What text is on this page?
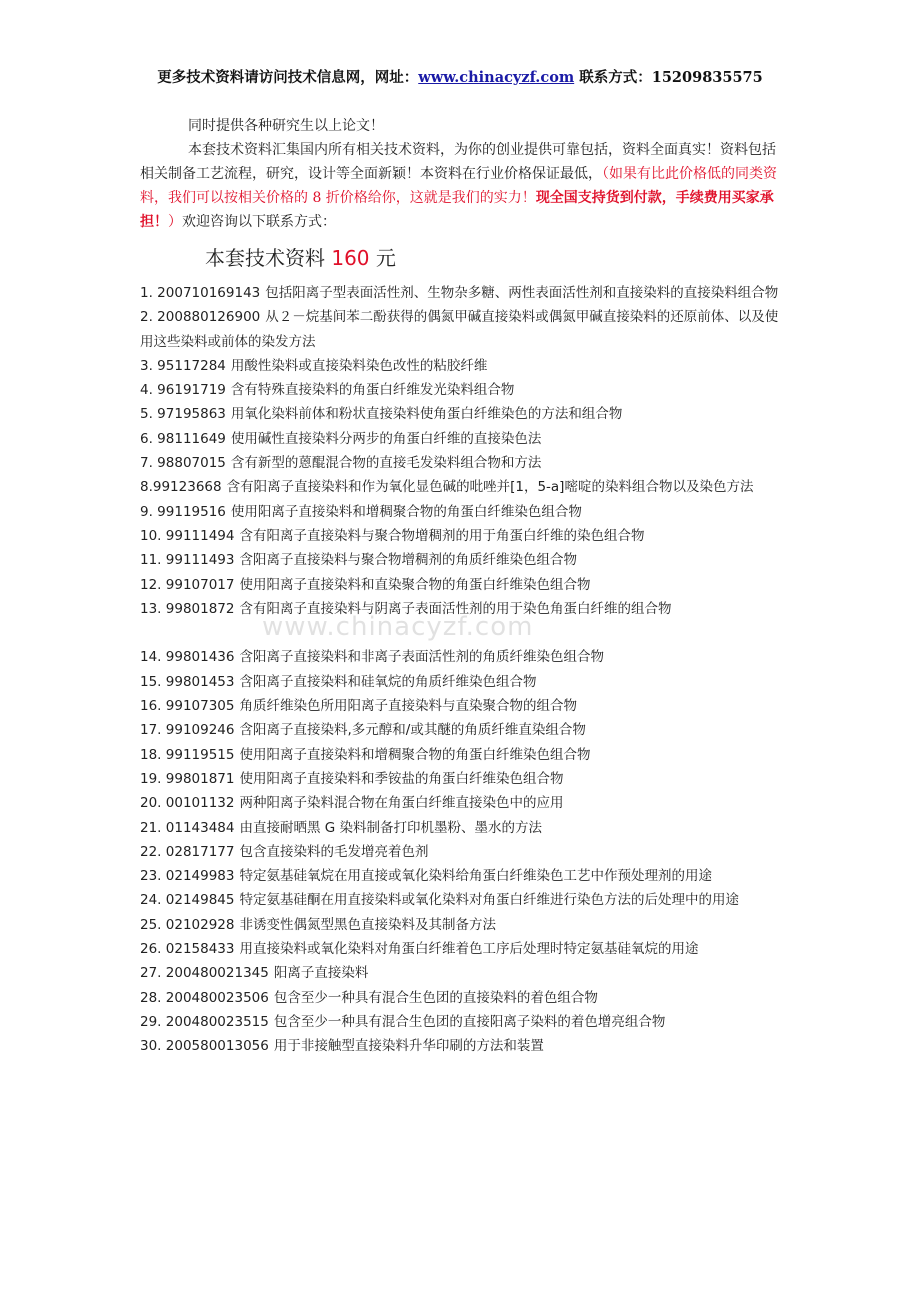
更多技术资料请访问技术信息网，网址：www.chinacyzf.com 联系方式：15209835575

同时提供各种研究生以上论文！

本套技术资料汇集国内所有相关技术资料，为你的创业提供可靠包括，资料全面真实！资料包括相关制备工艺流程，研究，设计等全面新颖！本资料在行业价格保证最低，（如果有比此价格低的同类资料，我们可以按相关价格的 8 折价格给你，这就是我们的实力！现全国支持货到付款，手续费用买家承担！）欢迎咨询以下联系方式：

本套技术资料 160 元
www.chinacyzf.com
1. 200710169143 包括阳离子型表面活性剂、生物杂多糖、两性表面活性剂和直接染料的直接染料组合物
2. 200880126900 从２－烷基间苯二酚获得的偶氮甲碱直接染料或偶氮甲碱直接染料的还原前体、以及使用这些染料或前体的染发方法
3. 95117284 用酸性染料或直接染料染色改性的粘胶纤维
4. 96191719 含有特殊直接染料的角蛋白纤维发光染料组合物
5. 97195863 用氧化染料前体和粉状直接染料使角蛋白纤维染色的方法和组合物
6. 98111649 使用碱性直接染料分两步的角蛋白纤维的直接染色法
7. 98807015 含有新型的蒽醌混合物的直接毛发染料组合物和方法
8.99123668 含有阳离子直接染料和作为氧化显色碱的吡唑并[1，5-a]嘧啶的染料组合物以及染色方法
9. 99119516 使用阳离子直接染料和增稠聚合物的角蛋白纤维染色组合物
10. 99111494 含有阳离子直接染料与聚合物增稠剂的用于角蛋白纤维的染色组合物
11. 99111493 含阳离子直接染料与聚合物增稠剂的角质纤维染色组合物
12. 99107017 使用阳离子直接染料和直染聚合物的角蛋白纤维染色组合物
13. 99801872 含有阳离子直接染料与阴离子表面活性剂的用于染色角蛋白纤维的组合物
14. 99801436 含阳离子直接染料和非离子表面活性剂的角质纤维染色组合物
15. 99801453 含阳离子直接染料和硅氧烷的角质纤维染色组合物
16. 99107305 角质纤维染色所用阳离子直接染料与直染聚合物的组合物
17. 99109246 含阳离子直接染料,多元醇和/或其醚的角质纤维直染组合物
18. 99119515 使用阳离子直接染料和增稠聚合物的角蛋白纤维染色组合物
19. 99801871 使用阳离子直接染料和季铵盐的角蛋白纤维染色组合物
20. 00101132 两种阳离子染料混合物在角蛋白纤维直接染色中的应用
21. 01143484 由直接耐晒黑 G 染料制备打印机墨粉、墨水的方法
22. 02817177 包含直接染料的毛发增亮着色剂
23. 02149983 特定氨基硅氧烷在用直接或氧化染料给角蛋白纤维染色工艺中作预处理剂的用途
24. 02149845 特定氨基硅酮在用直接染料或氧化染料对角蛋白纤维进行染色方法的后处理中的用途
25. 02102928 非诱变性偶氮型黑色直接染料及其制备方法
26. 02158433 用直接染料或氧化染料对角蛋白纤维着色工序后处理时特定氨基硅氧烷的用途
27. 200480021345 阳离子直接染料
28. 200480023506 包含至少一种具有混合生色团的直接染料的着色组合物
29. 200480023515 包含至少一种具有混合生色团的直接阳离子染料的着色增亮组合物
30. 200580013056 用于非接触型直接染料升华印刷的方法和装置
